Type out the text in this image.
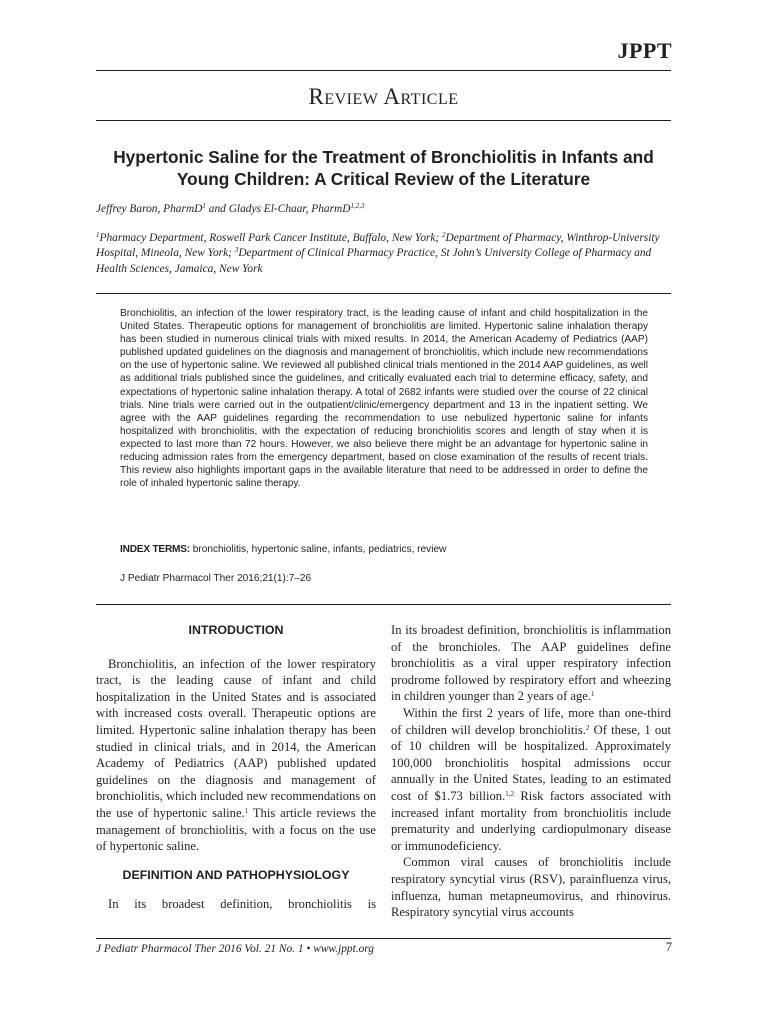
JPPT
Review Article
Hypertonic Saline for the Treatment of Bronchiolitis in Infants and Young Children: A Critical Review of the Literature
Jeffrey Baron, PharmD$^1$ and Gladys El-Chaar, PharmD$^{1,2,3}$
$^1$Pharmacy Department, Roswell Park Cancer Institute, Buffalo, New York; $^2$Department of Pharmacy, Winthrop-University Hospital, Mineola, New York; $^3$Department of Clinical Pharmacy Practice, St John’s University College of Pharmacy and Health Sciences, Jamaica, New York

Bronchiolitis, an infection of the lower respiratory tract, is the leading cause of infant and child hospitalization in the United States. Therapeutic options for management of bronchiolitis are limited. Hypertonic saline inhalation therapy has been studied in numerous clinical trials with mixed results. In 2014, the American Academy of Pediatrics (AAP) published updated guidelines on the diagnosis and management of bronchiolitis, which include new recommendations on the use of hypertonic saline. We reviewed all published clinical trials mentioned in the 2014 AAP guidelines, as well as additional trials published since the guidelines, and critically evaluated each trial to determine efficacy, safety, and expectations of hypertonic saline inhalation therapy. A total of 2682 infants were studied over the course of 22 clinical trials. Nine trials were carried out in the outpatient/clinic/emergency department and 13 in the inpatient setting. We agree with the AAP guidelines regarding the recommendation to use nebulized hypertonic saline for infants hospitalized with bronchiolitis, with the expectation of reducing bronchiolitis scores and length of stay when it is expected to last more than 72 hours. However, we also believe there might be an advantage for hypertonic saline in reducing admission rates from the emergency department, based on close examination of the results of recent trials. This review also highlights important gaps in the available literature that need to be addressed in order to define the role of inhaled hypertonic saline therapy.

INDEX TERMS: bronchiolitis, hypertonic saline, infants, pediatrics, review
J Pediatr Pharmacol Ther 2016;21(1):7–26
INTRODUCTION

Bronchiolitis, an infection of the lower respiratory tract, is the leading cause of infant and child hospitalization in the United States and is associated with increased costs overall. Therapeutic options are limited. Hypertonic saline inhalation therapy has been studied in clinical trials, and in 2014, the American Academy of Pediatrics (AAP) published updated guidelines on the diagnosis and management of bronchiolitis, which included new recommendations on the use of hypertonic saline.$^1$ This article reviews the management of bronchiolitis, with a focus on the use of hypertonic saline.

DEFINITION AND PATHOPHYSIOLOGY

In its broadest definition, bronchiolitis is

In its broadest definition, bronchiolitis is inflammation of the bronchioles. The AAP guidelines define bronchiolitis as a viral upper respiratory infection prodrome followed by respiratory effort and wheezing in children younger than 2 years of age.$^1$

Within the first 2 years of life, more than one-third of children will develop bronchiolitis.$^2$ Of these, 1 out of 10 children will be hospitalized. Approximately 100,000 bronchiolitis hospital admissions occur annually in the United States, leading to an estimated cost of $1.73 billion.$^{1,2}$ Risk factors associated with increased infant mortality from bronchiolitis include prematurity and underlying cardiopulmonary disease or immunodeficiency.

Common viral causes of bronchiolitis include respiratory syncytial virus (RSV), parainfluenza virus, influenza, human metapneumovirus, and rhinovirus. Respiratory syncytial virus accounts

J Pediatr Pharmacol Ther 2016 Vol. 21 No. 1 • www.jppt.org	7
